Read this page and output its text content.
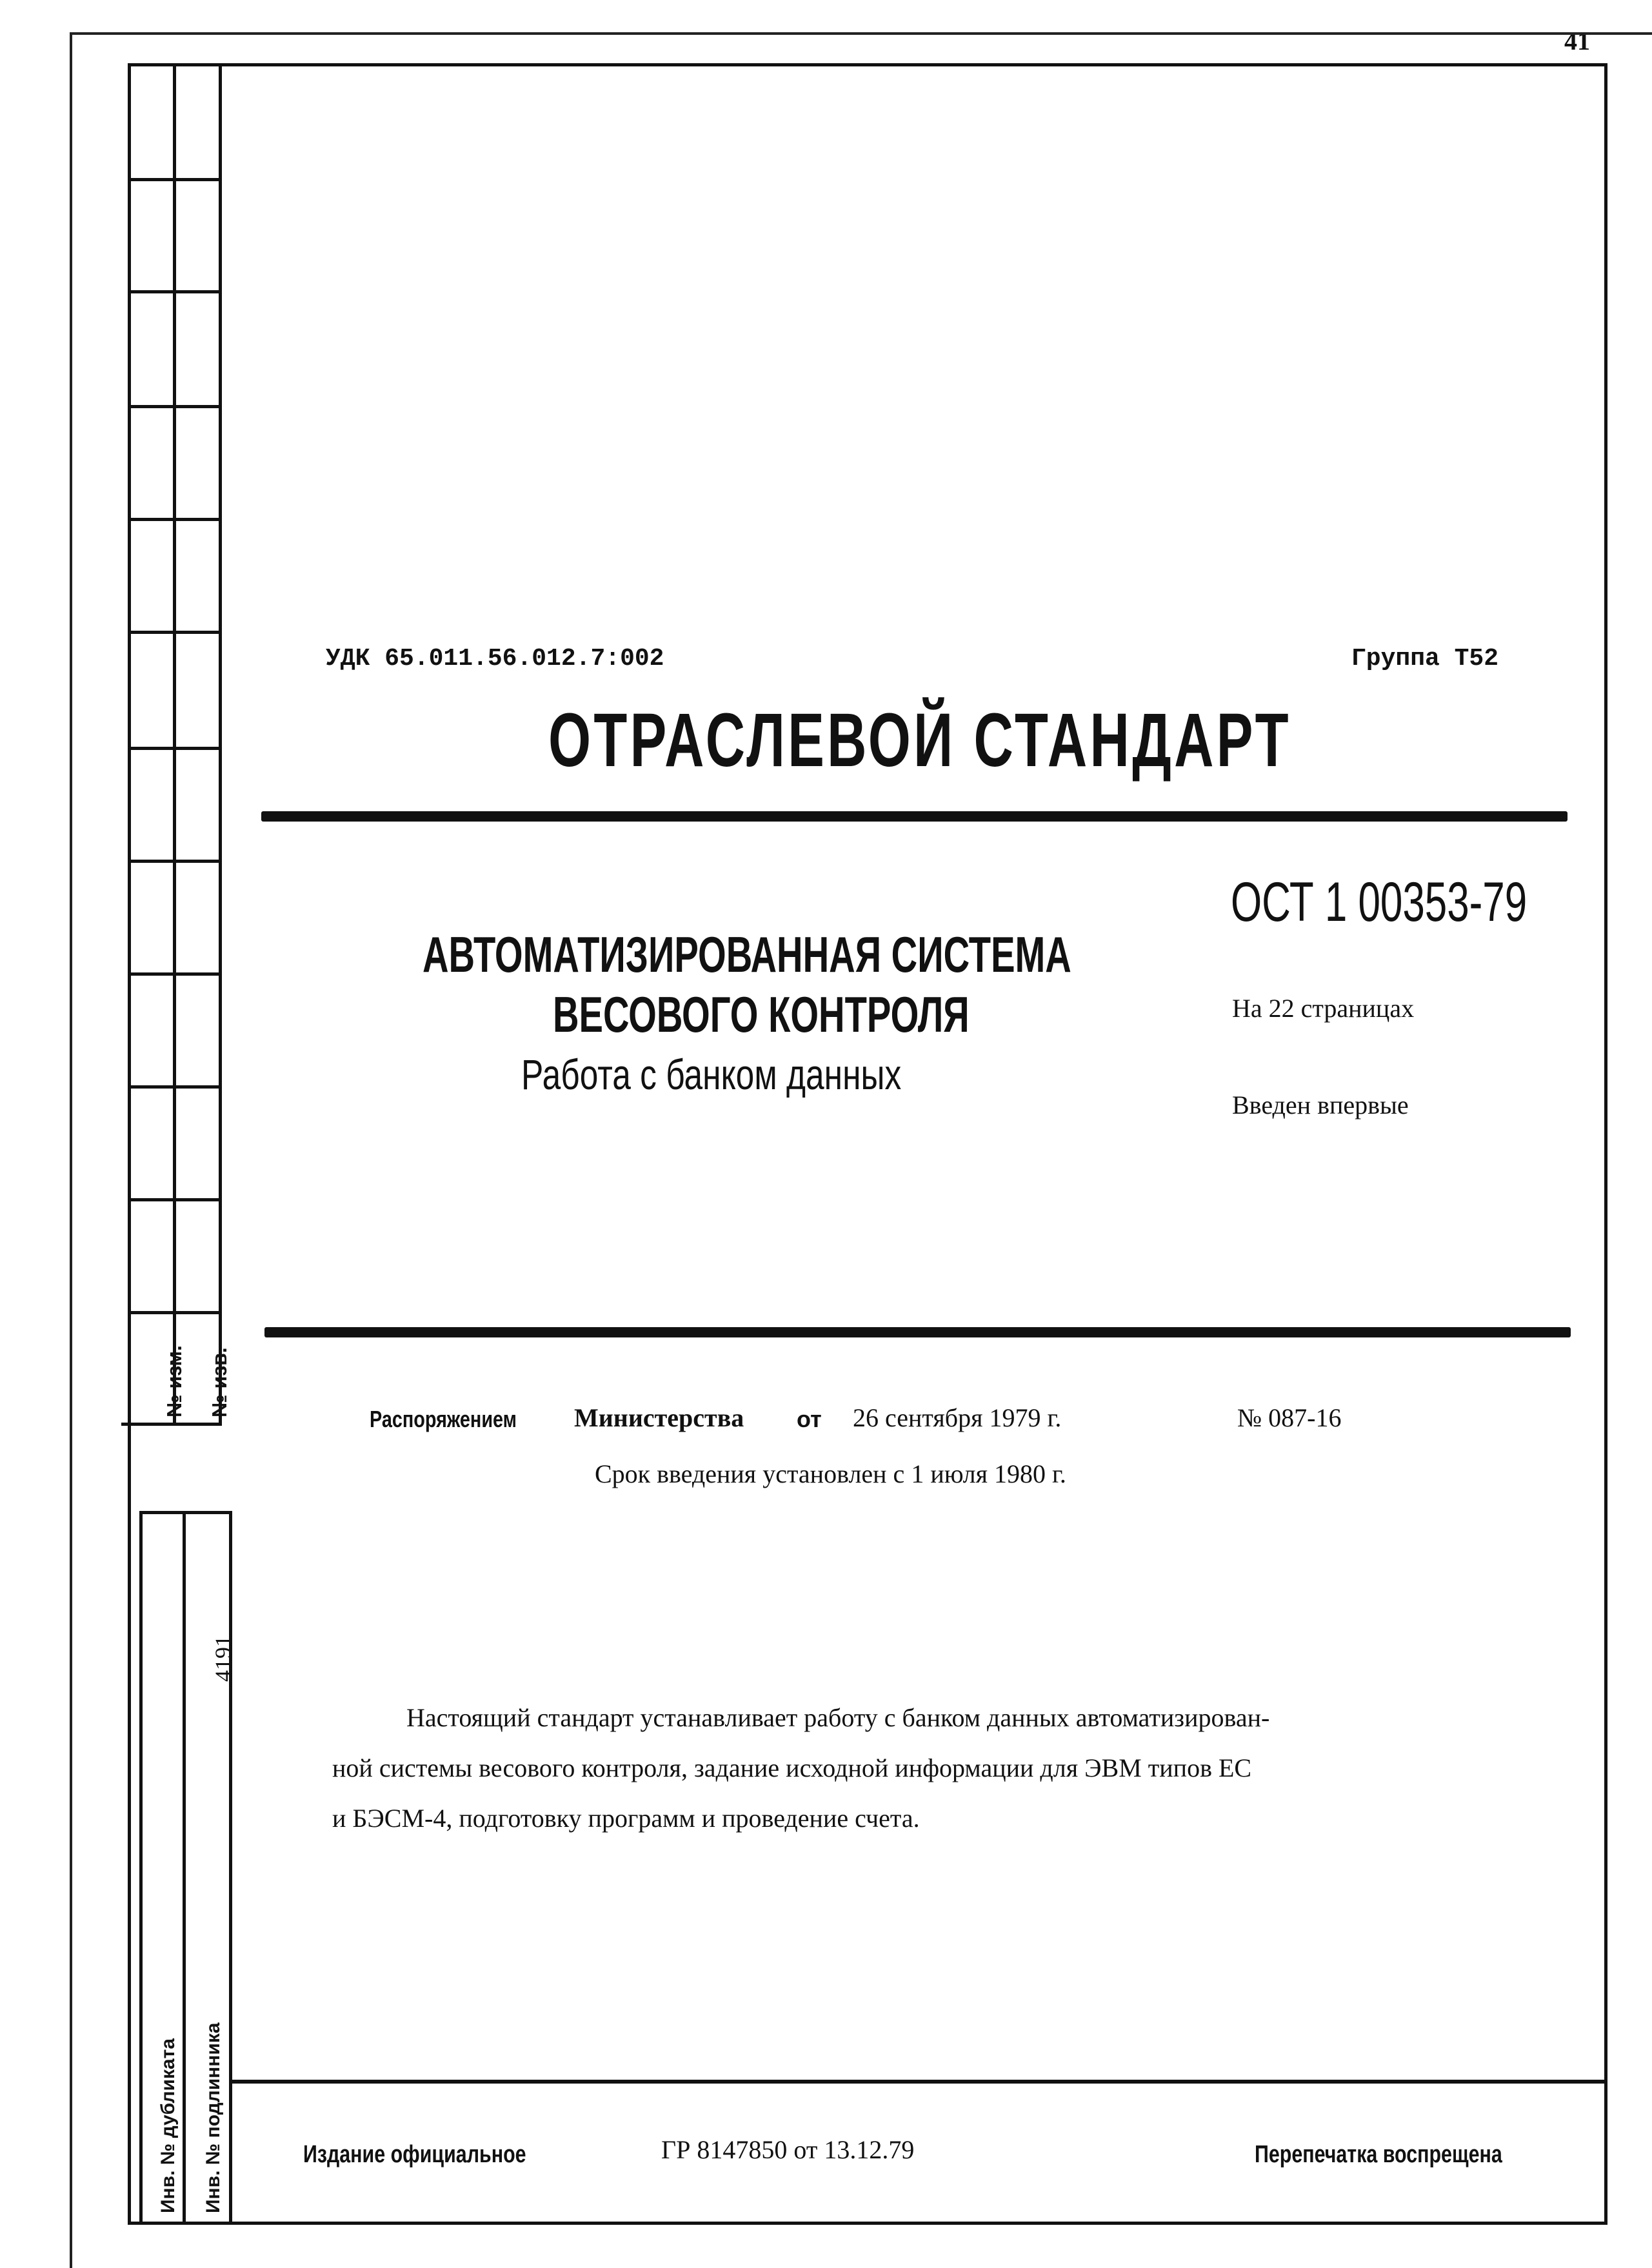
41
№ изм. № изв.
4191
Инв. № дубликата Инв. № подлинника
УДК 65.011.56.012.7:002	Группа Т52
ОТРАСЛЕВОЙ СТАНДАРТ
ОСТ 1 00353-79
На 22 страницах
Введен впервые
АВТОМАТИЗИРОВАННАЯ СИСТЕМА
ВЕСОВОГО КОНТРОЛЯ
Работа с банком данных
Распоряжением Министерства от 26 сентября 1979 г.	№ 087-16
Срок введения установлен с 1 июля 1980 г.
Настоящий стандарт устанавливает работу с банком данных автоматизирован-
ной системы весового контроля, задание исходной информации для ЭВМ типов ЕС
и БЭСМ-4, подготовку программ и проведение счета.
Издание официальное	ГР 8147850 от 13.12.79	Перепечатка воспрещена
